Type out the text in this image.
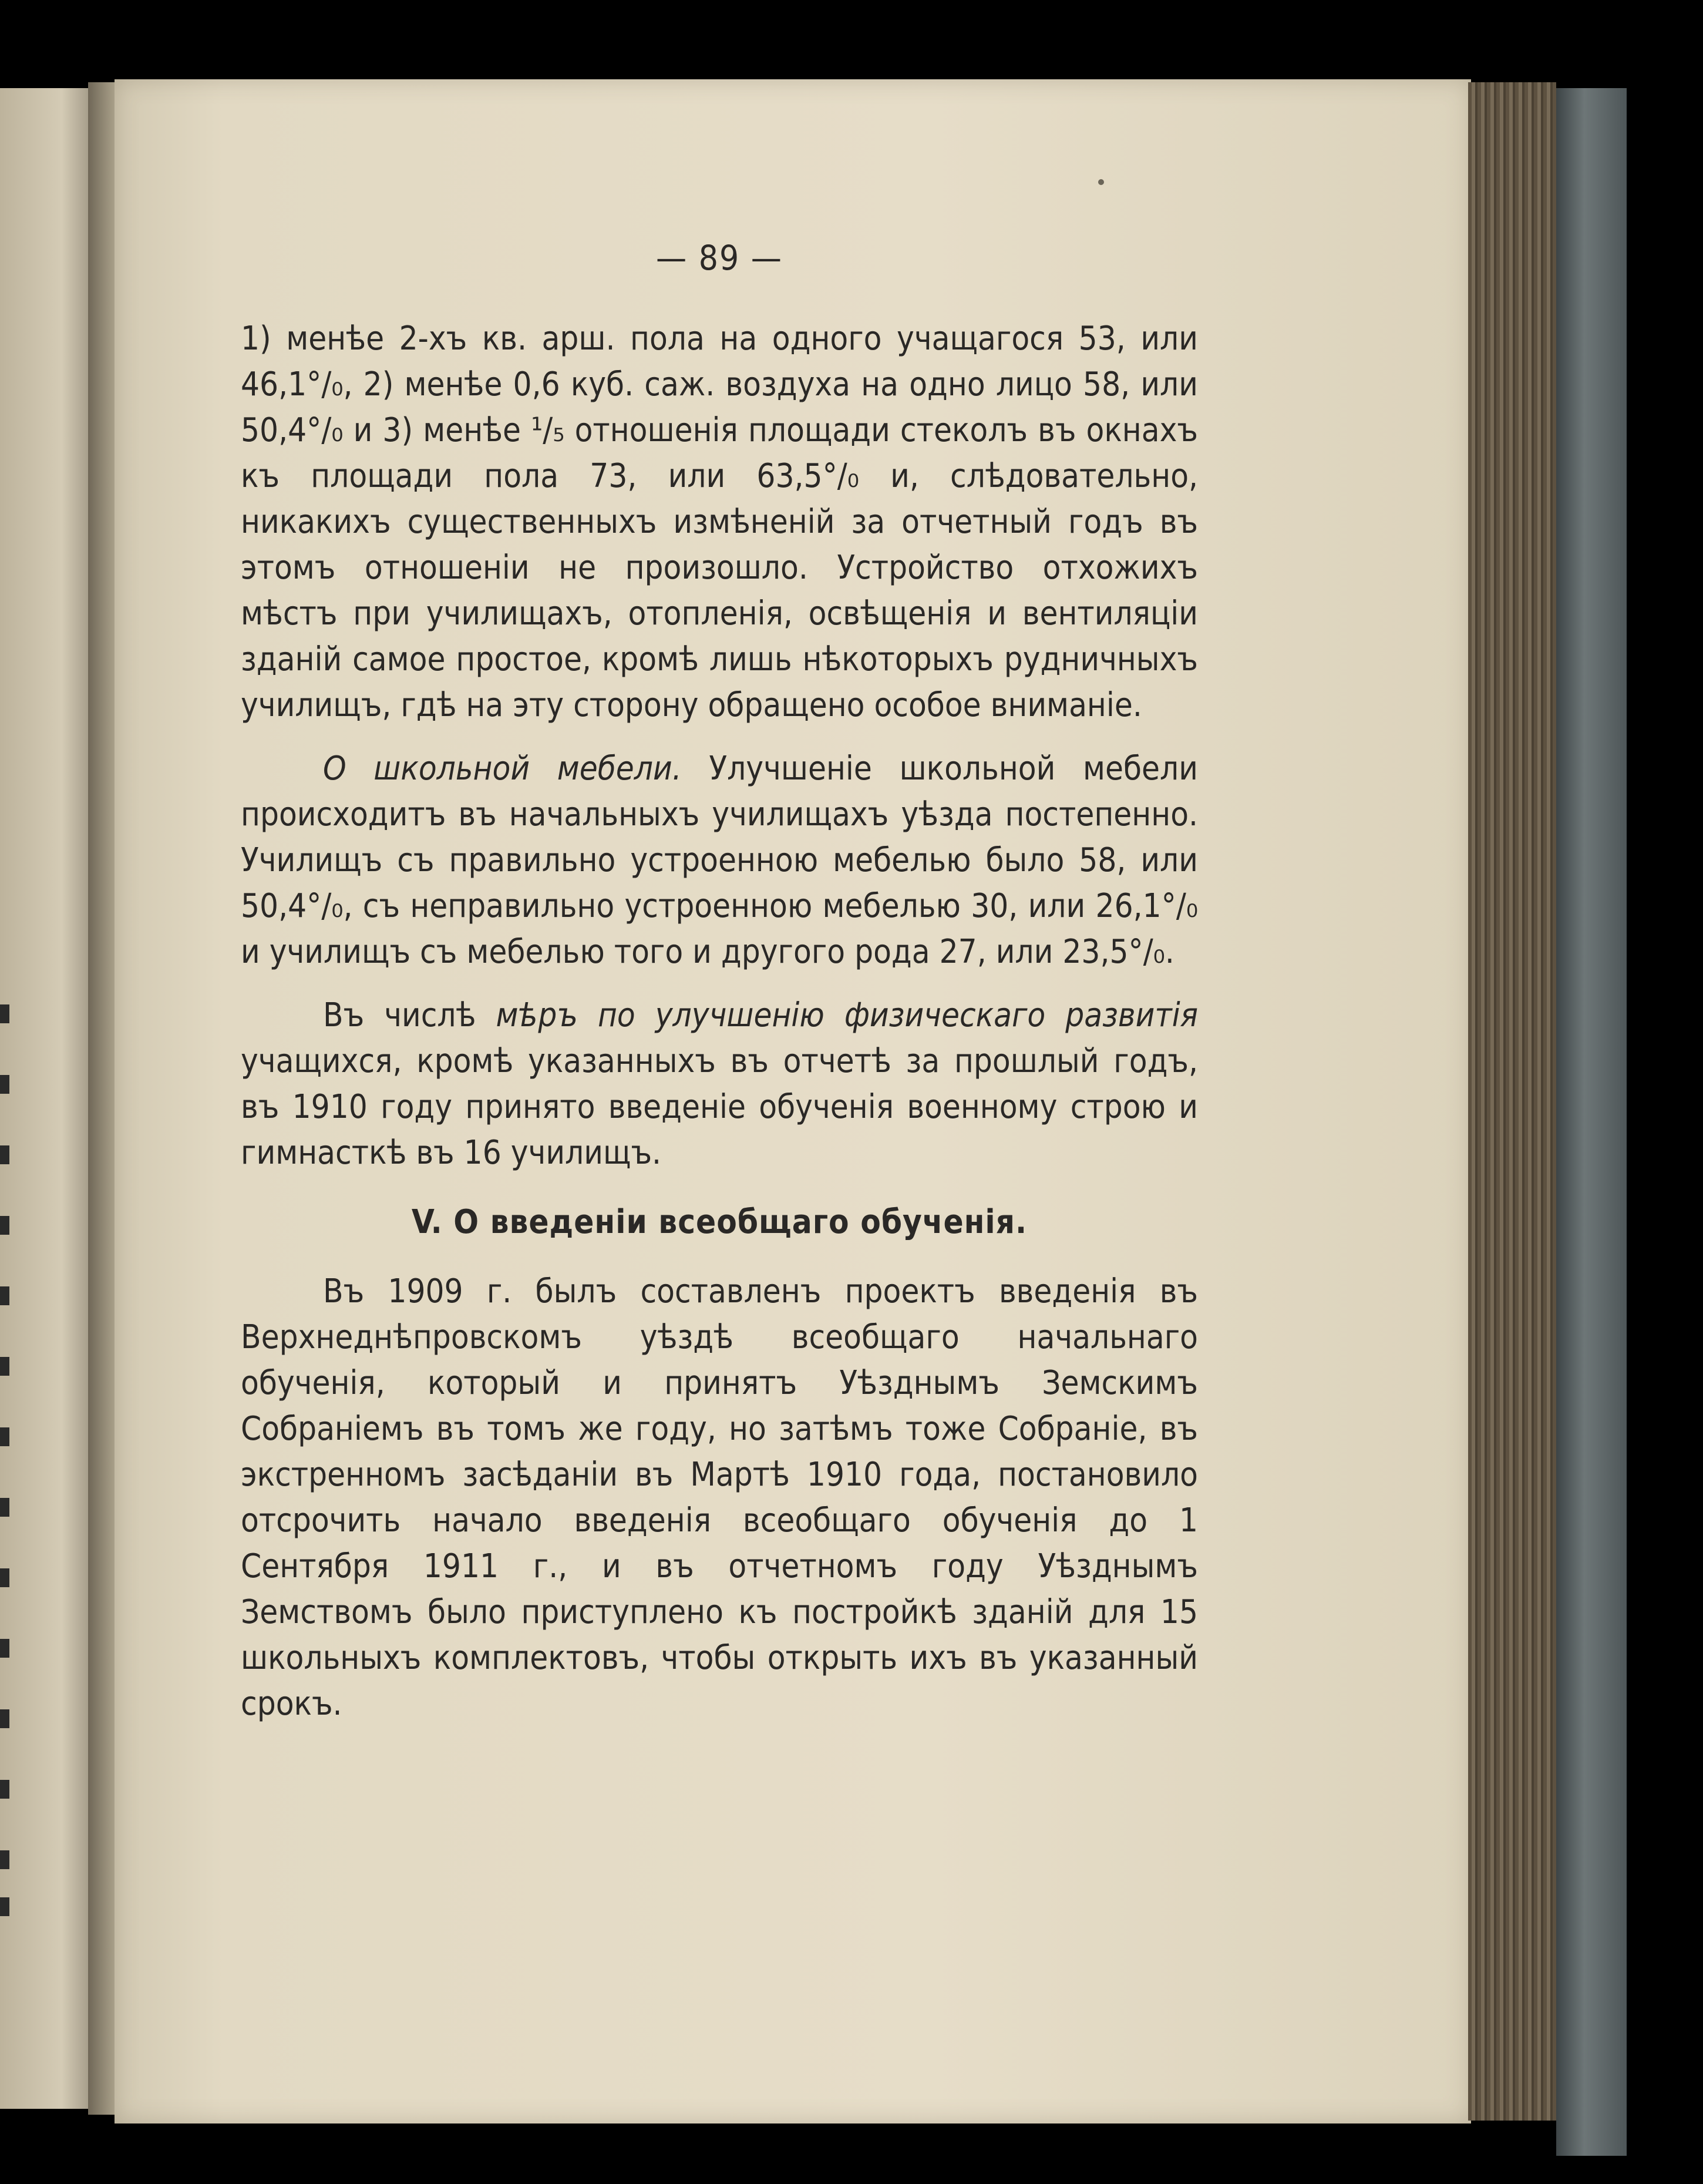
— 89 —

1) менѣе 2-хъ кв. арш. пола на одного учащагося 53, или 46,1°/₀, 2) менѣе 0,6 куб. саж. воздуха на одно лицо 58, или 50,4°/₀ и 3) менѣе ¹/₅ отношенія площади стеколъ въ окнахъ къ площади пола 73, или 63,5°/₀ и, слѣдовательно, никакихъ существенныхъ измѣненій за отчетный годъ въ этомъ отношеніи не произошло. Устройство отхожихъ мѣстъ при училищахъ, отопленія, освѣщенія и вентиляціи зданій самое простое, кромѣ лишь нѣкоторыхъ рудничныхъ училищъ, гдѣ на эту сторону обращено особое вниманіе.

О школьной мебели. Улучшеніе школьной мебели происходитъ въ начальныхъ училищахъ уѣзда постепенно. Училищъ съ правильно устроенною мебелью было 58, или 50,4°/₀, съ неправильно устроенною мебелью 30, или 26,1°/₀ и училищъ съ мебелью того и другого рода 27, или 23,5°/₀.

Въ числѣ мѣръ по улучшенію физическаго развитія учащихся, кромѣ указанныхъ въ отчетѣ за прошлый годъ, въ 1910 году принято введеніе обученія военному строю и гимнасткѣ въ 16 училищъ.

V. О введеніи всеобщаго обученія.

Въ 1909 г. былъ составленъ проектъ введенія въ Верхнеднѣпровскомъ уѣздѣ всеобщаго начальнаго обученія, который и принятъ Уѣзднымъ Земскимъ Собраніемъ въ томъ же году, но затѣмъ тоже Собраніе, въ экстренномъ засѣданіи въ Мартѣ 1910 года, постановило отсрочить начало введенія всеобщаго обученія до 1 Сентября 1911 г., и въ отчетномъ году Уѣзднымъ Земствомъ было приступлено къ постройкѣ зданій для 15 школьныхъ комплектовъ, чтобы открыть ихъ въ указанный срокъ.
